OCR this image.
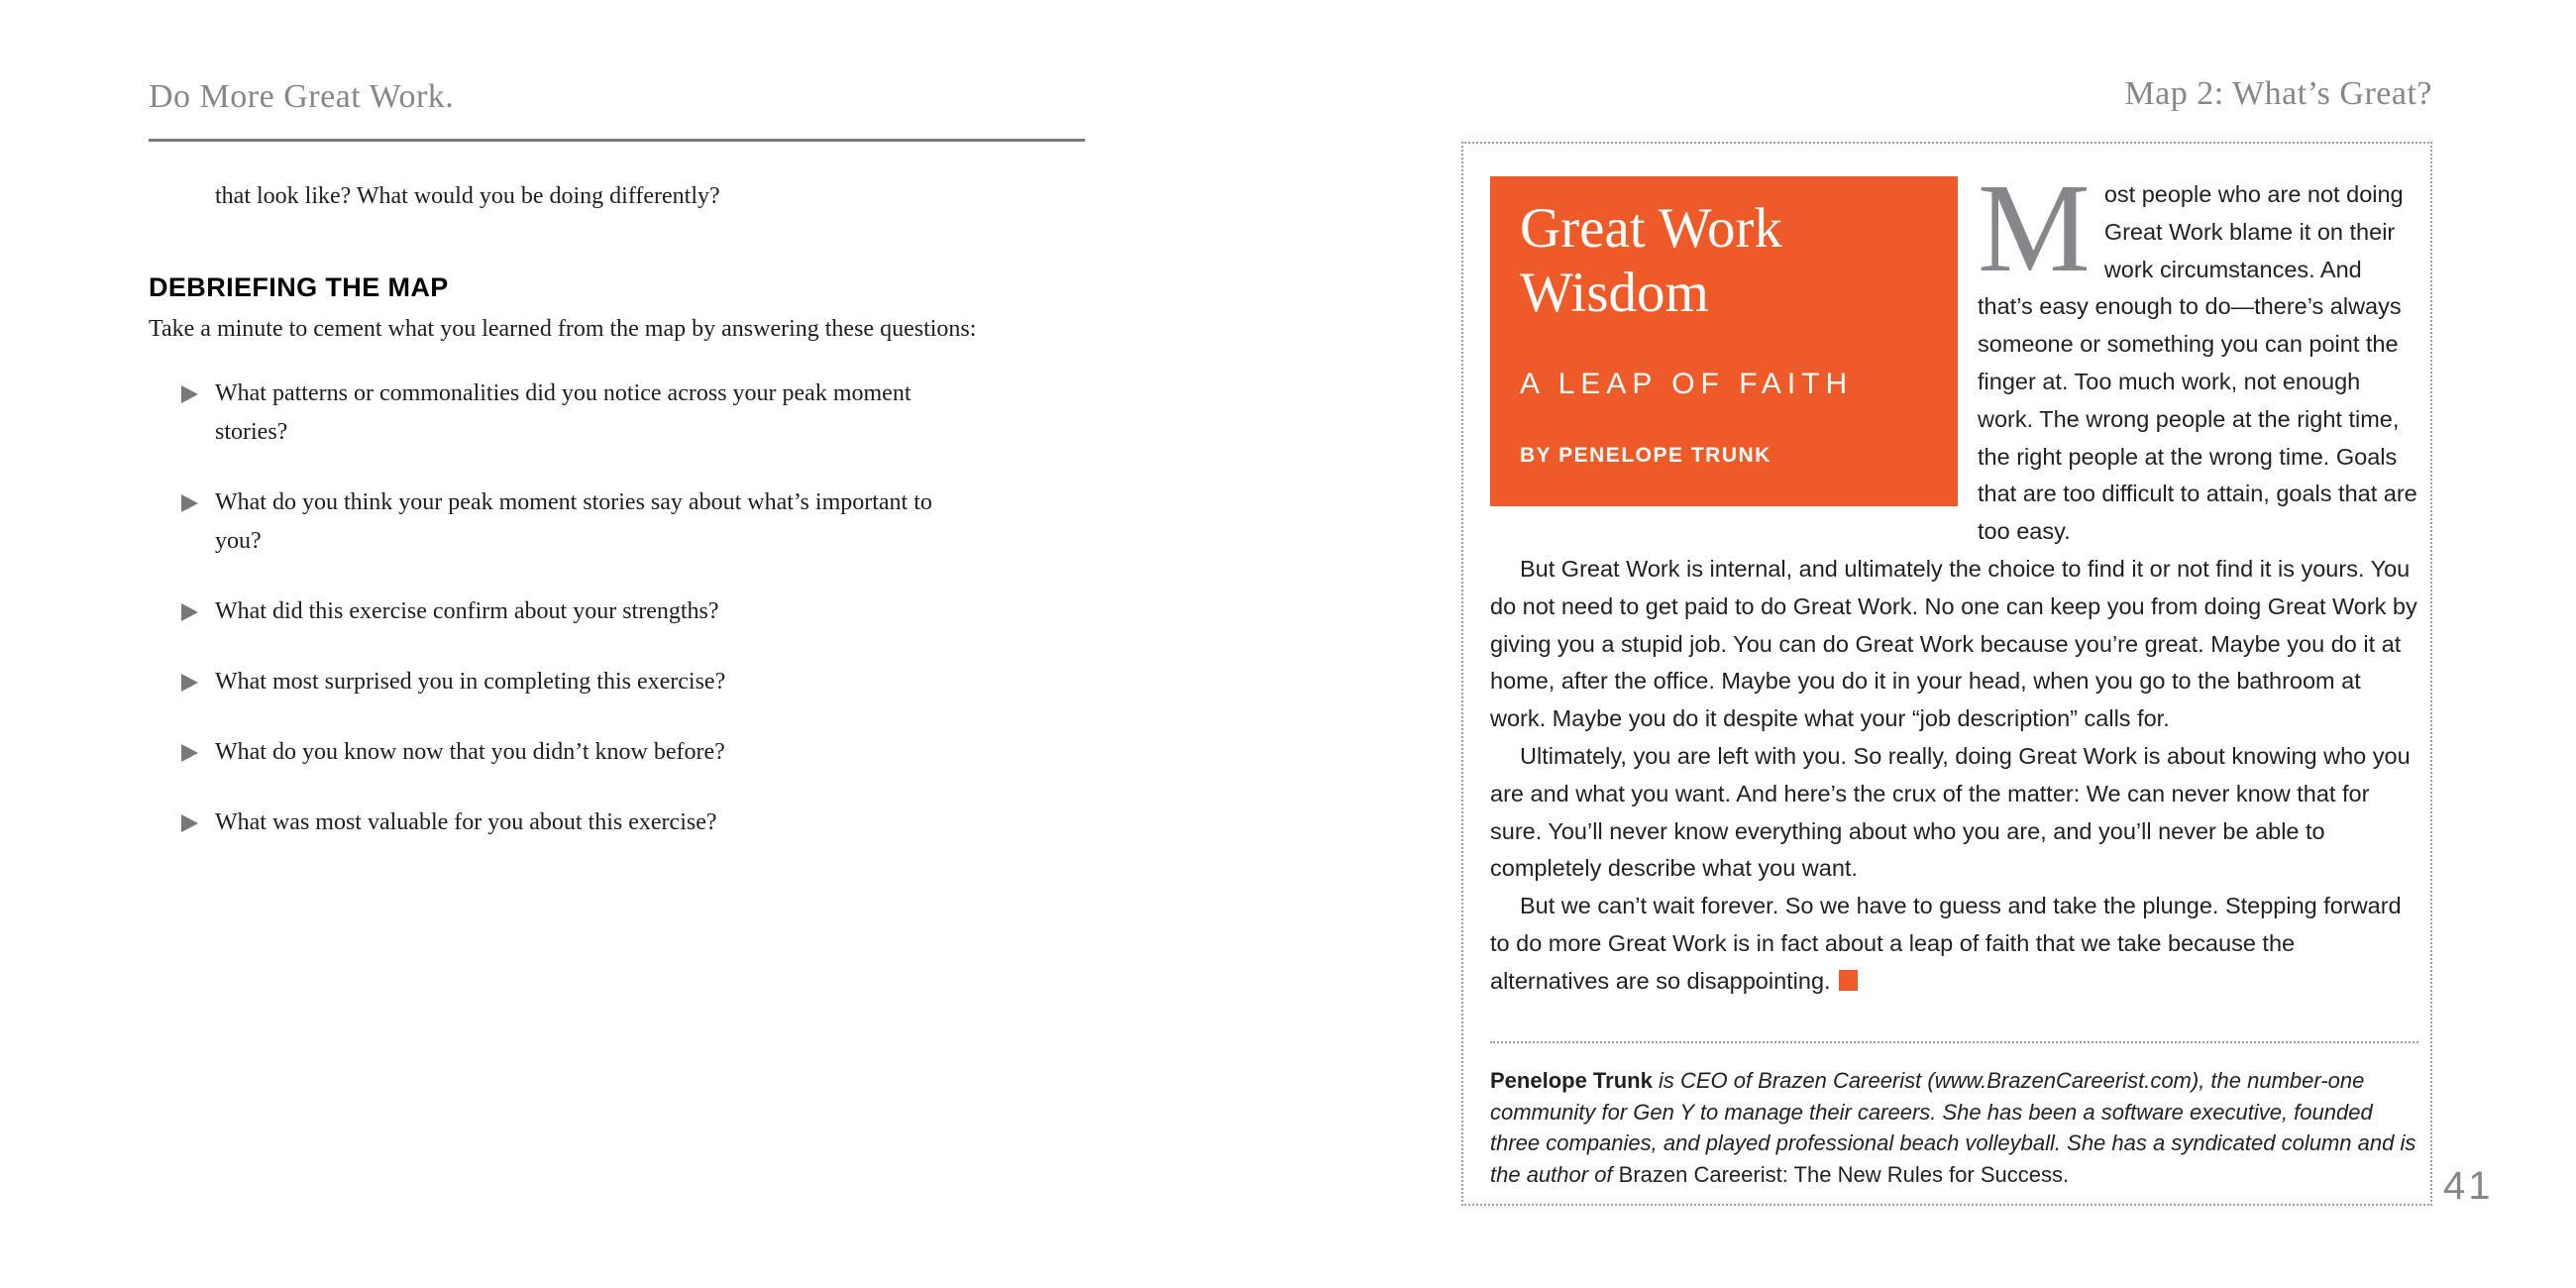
Do More Great Work.

that look like? What would you be doing differently?

DEBRIEFING THE MAP

Take a minute to cement what you learned from the map by answering these questions:

What patterns or commonalities did you notice across your peak moment stories?
What do you think your peak moment stories say about what’s important to you?
What did this exercise confirm about your strengths?
What most surprised you in completing this exercise?
What do you know now that you didn’t know before?
What was most valuable for you about this exercise?
Map 2: What’s Great?
Great Work
Wisdom
A LEAP OF FAITH
BY PENELOPE TRUNK

Most people who are not doing Great Work blame it on their work circumstances. And that’s easy enough to do—there’s always someone or something you can point the finger at. Too much work, not enough work. The wrong people at the right time, the right people at the wrong time. Goals that are too difficult to attain, goals that are too easy.

But Great Work is internal, and ultimately the choice to find it or not find it is yours. You do not need to get paid to do Great Work. No one can keep you from doing Great Work by giving you a stupid job. You can do Great Work because you’re great. Maybe you do it at home, after the office. Maybe you do it in your head, when you go to the bathroom at work. Maybe you do it despite what your “job description” calls for.

Ultimately, you are left with you. So really, doing Great Work is about knowing who you are and what you want. And here’s the crux of the matter: We can never know that for sure. You’ll never know everything about who you are, and you’ll never be able to completely describe what you want.

But we can’t wait forever. So we have to guess and take the plunge. Stepping forward to do more Great Work is in fact about a leap of faith that we take because the alternatives are so disappointing.

Penelope Trunk is CEO of Brazen Careerist (www.BrazenCareerist.com), the number-one community for Gen Y to manage their careers. She has been a software executive, founded three companies, and played professional beach volleyball. She has a syndicated column and is the author of Brazen Careerist: The New Rules for Success.	41
